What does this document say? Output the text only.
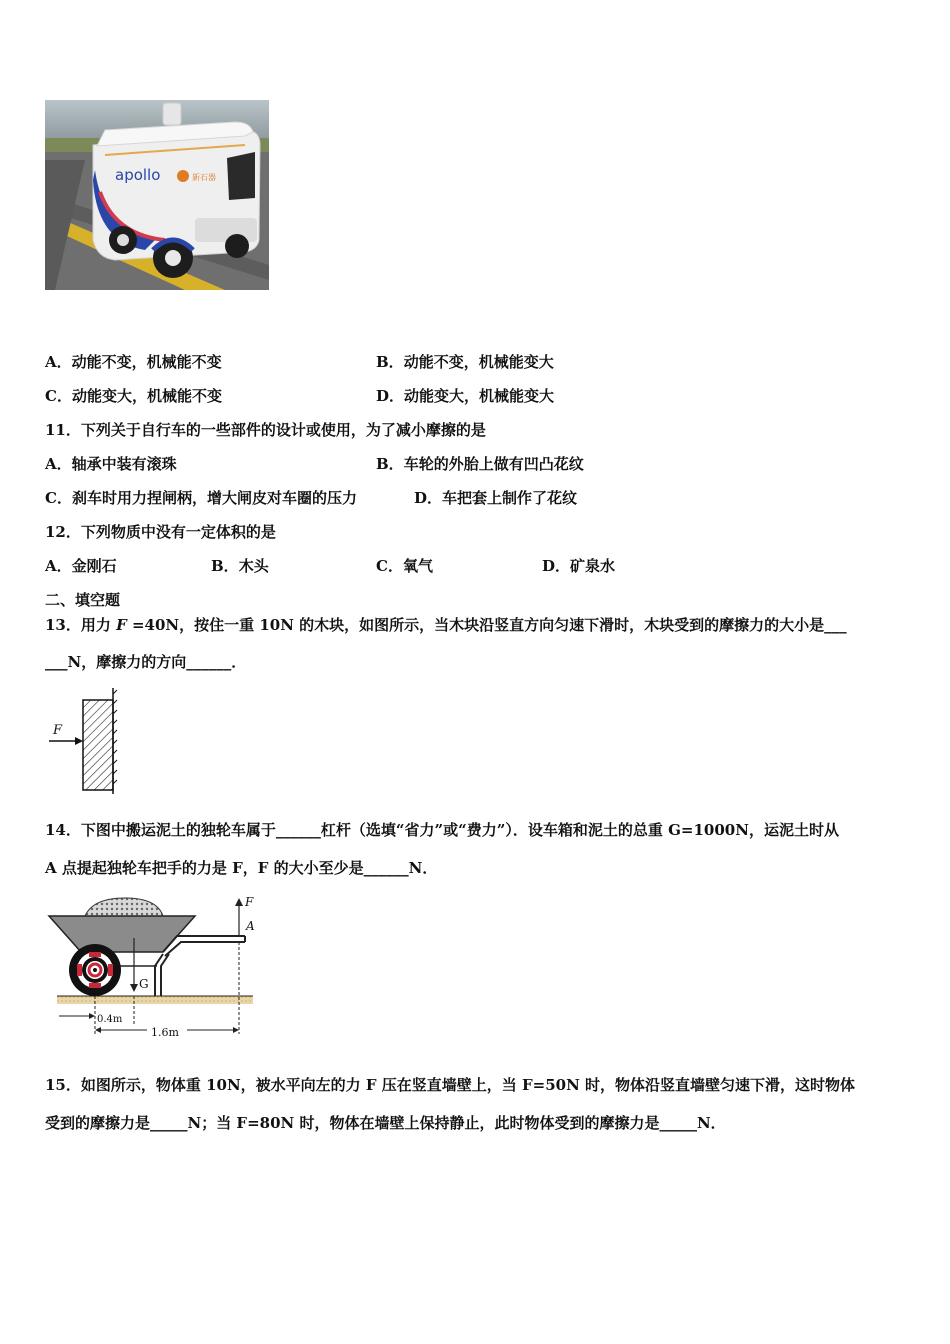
apollo	新石器
A．动能不变，机械能不变	B．动能不变，机械能变大
C．动能变大，机械能不变	D．动能变大，机械能变大
11．下列关于自行车的一些部件的设计或使用，为了减小摩擦的是
A．轴承中装有滚珠	B．车轮的外胎上做有凹凸花纹
C．刹车时用力捏闸柄，增大闸皮对车圈的压力	D．车把套上制作了花纹
12．下列物质中没有一定体积的是
A．金刚石	B．木头	C．氧气	D．矿泉水
二、填空题
13．用力 F =40N，按住一重 10N 的木块，如图所示，当木块沿竖直方向匀速下滑时，木块受到的摩擦力的大小是___
___N，摩擦力的方向______．
F
14．下图中搬运泥土的独轮车属于______杠杆（选填“省力”或“费力”）．设车箱和泥土的总重 G=1000N，运泥土时从
A 点提起独轮车把手的力是 F，F 的大小至少是______N．
G
F
A
0.4m
1.6m
15．如图所示，物体重 10N，被水平向左的力 F 压在竖直墙壁上，当 F=50N 时，物体沿竖直墙壁匀速下滑，这时物体
受到的摩擦力是_____N；当 F=80N 时，物体在墙壁上保持静止，此时物体受到的摩擦力是_____N．
